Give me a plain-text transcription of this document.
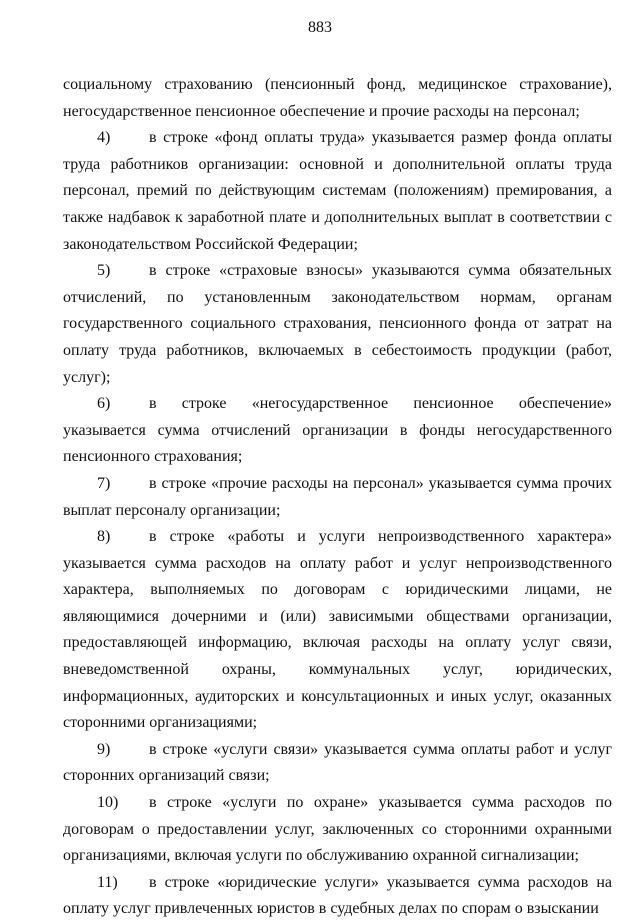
883

социальному страхованию (пенсионный фонд, медицинское страхование), негосударственное пенсионное обеспечение и прочие расходы на персонал;

4) в строке «фонд оплаты труда» указывается размер фонда оплаты труда работников организации: основной и дополнительной оплаты труда персонал, премий по действующим системам (положениям) премирования, а также надбавок к заработной плате и дополнительных выплат в соответствии с законодательством Российской Федерации;

5) в строке «страховые взносы» указываются сумма обязательных отчислений, по установленным законодательством нормам, органам государственного социального страхования, пенсионного фонда от затрат на оплату труда работников, включаемых в себестоимость продукции (работ, услуг);

6) в строке «негосударственное пенсионное обеспечение» указывается сумма отчислений организации в фонды негосударственного пенсионного страхования;

7) в строке «прочие расходы на персонал» указывается сумма прочих выплат персоналу организации;

8) в строке «работы и услуги непроизводственного характера» указывается сумма расходов на оплату работ и услуг непроизводственного характера, выполняемых по договорам с юридическими лицами, не являющимися дочерними и (или) зависимыми обществами организации, предоставляющей информацию, включая расходы на оплату услуг связи, вневедомственной охраны, коммунальных услуг, юридических, информационных, аудиторских и консультационных и иных услуг, оказанных сторонними организациями;

9) в строке «услуги связи» указывается сумма оплаты работ и услуг сторонних организаций связи;

10) в строке «услуги по охране» указывается сумма расходов по договорам о предоставлении услуг, заключенных со сторонними охранными организациями, включая услуги по обслуживанию охранной сигнализации;

11) в строке «юридические услуги» указывается сумма расходов на оплату услуг привлеченных юристов в судебных делах по спорам о взыскании
